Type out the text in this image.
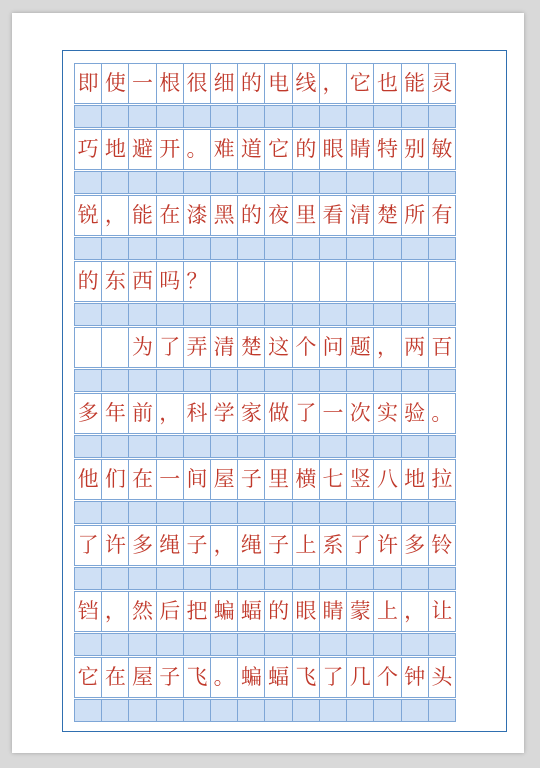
即 使 一 根 很 细 的 电 线 ， 它 也 能 灵
巧 地 避 开 。 难 道 它 的 眼 睛 特 别 敏
锐 ， 能 在 漆 黑 的 夜 里 看 清 楚 所 有
的 东 西 吗 ？
为 了 弄 清 楚 这 个 问 题 ， 两 百
多 年 前 ， 科 学 家 做 了 一 次 实 验 。
他 们 在 一 间 屋 子 里 横 七 竖 八 地 拉
了 许 多 绳 子 ， 绳 子 上 系 了 许 多 铃
铛 ， 然 后 把 蝙 蝠 的 眼 睛 蒙 上 ， 让
它 在 屋 子 飞 。 蝙 蝠 飞 了 几 个 钟 头
